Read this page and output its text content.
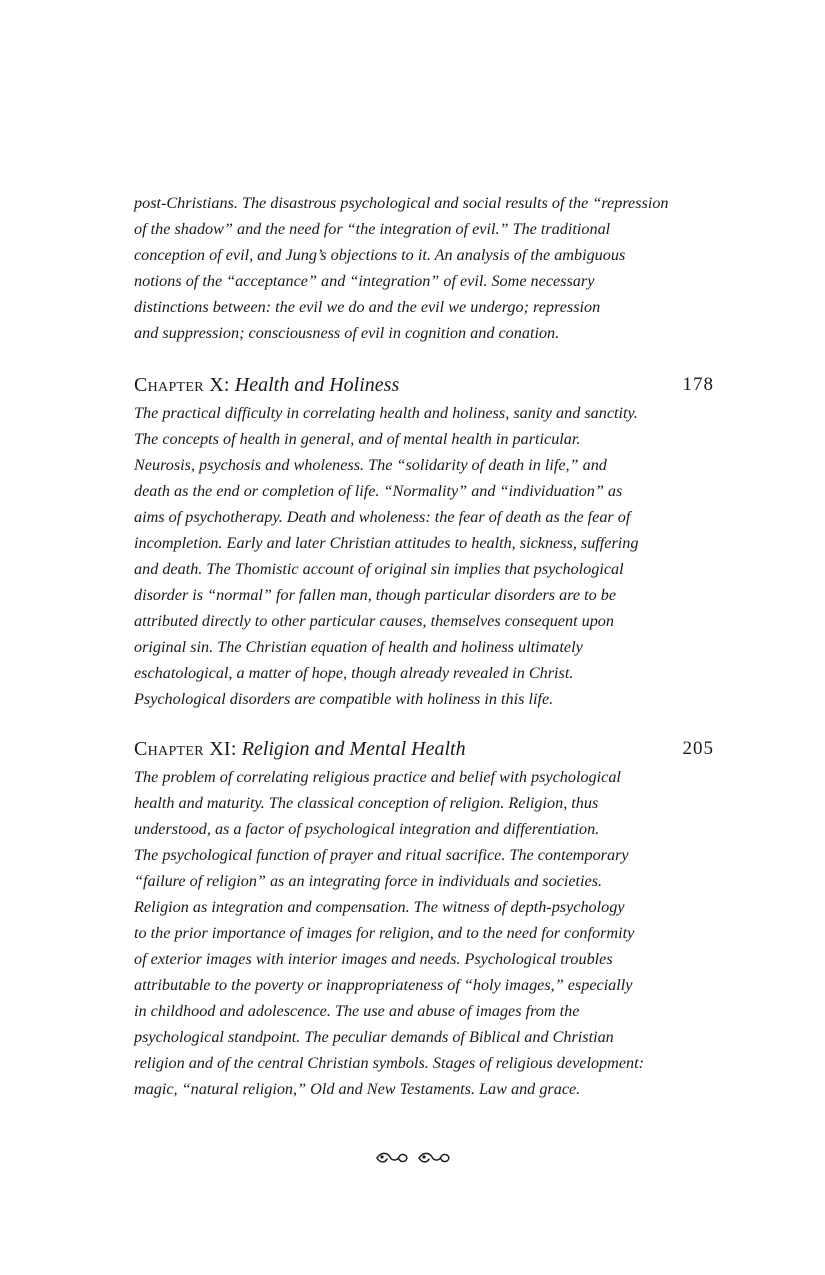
post-Christians. The disastrous psychological and social results of the “repression

of the shadow” and the need for “the integration of evil.” The traditional

conception of evil, and Jung’s objections to it. An analysis of the ambiguous

notions of the “acceptance” and “integration” of evil. Some necessary

distinctions between: the evil we do and the evil we undergo; repression

and suppression; consciousness of evil in cognition and conation.

Chapter X: Health and Holiness	178

The practical difficulty in correlating health and holiness, sanity and sanctity.

The concepts of health in general, and of mental health in particular.

Neurosis, psychosis and wholeness. The “solidarity of death in life,” and

death as the end or completion of life. “Normality” and “individuation” as

aims of psychotherapy. Death and wholeness: the fear of death as the fear of

incompletion. Early and later Christian attitudes to health, sickness, suffering

and death. The Thomistic account of original sin implies that psychological

disorder is “normal” for fallen man, though particular disorders are to be

attributed directly to other particular causes, themselves consequent upon

original sin. The Christian equation of health and holiness ultimately

eschatological, a matter of hope, though already revealed in Christ.

Psychological disorders are compatible with holiness in this life.

Chapter XI: Religion and Mental Health	205

The problem of correlating religious practice and belief with psychological

health and maturity. The classical conception of religion. Religion, thus

understood, as a factor of psychological integration and differentiation.

The psychological function of prayer and ritual sacrifice. The contemporary

“failure of religion” as an integrating force in individuals and societies.

Religion as integration and compensation. The witness of depth-psychology

to the prior importance of images for religion, and to the need for conformity

of exterior images with interior images and needs. Psychological troubles

attributable to the poverty or inappropriateness of “holy images,” especially

in childhood and adolescence. The use and abuse of images from the

psychological standpoint. The peculiar demands of Biblical and Christian

religion and of the central Christian symbols. Stages of religious development:

magic, “natural religion,” Old and New Testaments. Law and grace.
